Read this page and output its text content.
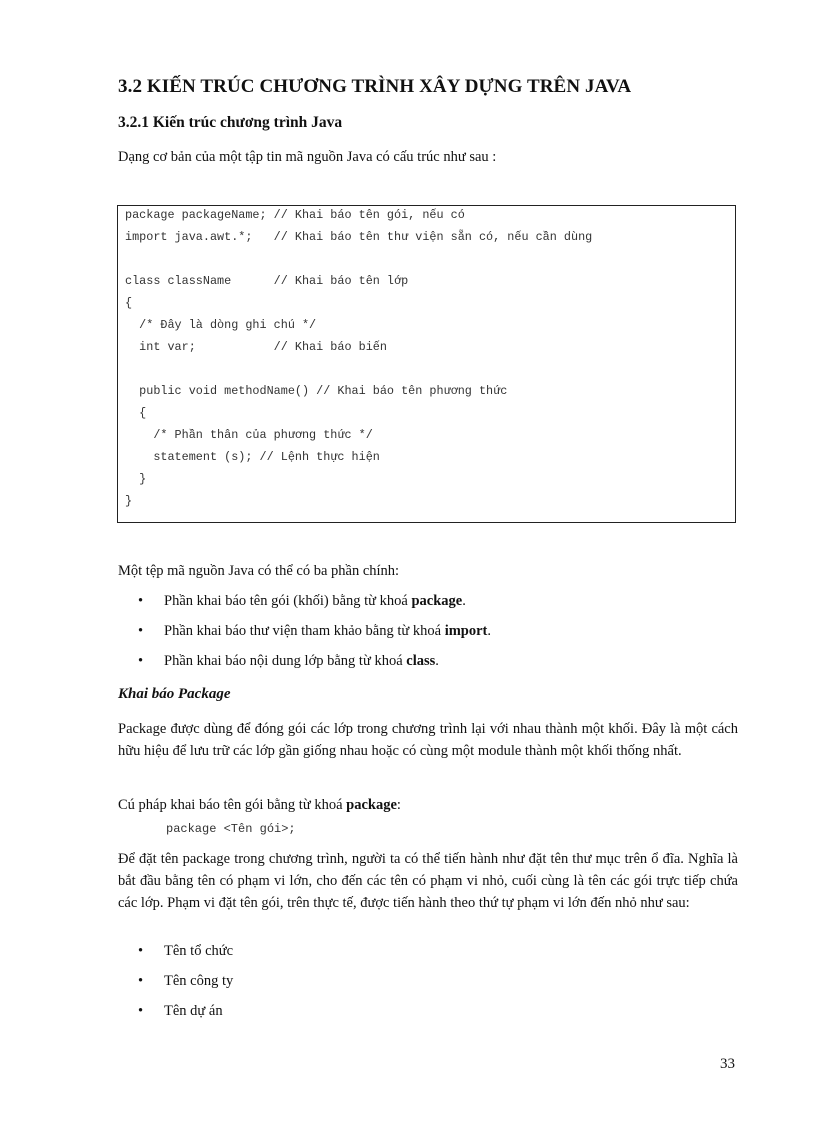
3.2 KIẾN TRÚC CHƯƠNG TRÌNH XÂY DỰNG TRÊN JAVA
3.2.1 Kiến trúc chương trình Java

Dạng cơ bản của một tập tin mã nguồn Java có cấu trúc như sau :

package packageName; // Khai báo tên gói, nếu có
import java.awt.*;   // Khai báo tên thư viện sẵn có, nếu cần dùng
class className      // Khai báo tên lớp
{
/* Đây là dòng ghi chú */
int var;           // Khai báo biến
public void methodName() // Khai báo tên phương thức
{
/* Phần thân của phương thức */
statement (s); // Lệnh thực hiện
}
}

Một tệp mã nguồn Java có thể có ba phần chính:

• Phần khai báo tên gói (khối) bằng từ khoá package.
• Phần khai báo thư viện tham khảo bằng từ khoá import.
• Phần khai báo nội dung lớp bằng từ khoá class.
Khai báo Package

Package được dùng để đóng gói các lớp trong chương trình lại với nhau thành một khối. Đây là một cách hữu hiệu để lưu trữ các lớp gần giống nhau hoặc có cùng một module thành một khối thống nhất.

Cú pháp khai báo tên gói bằng từ khoá package:

package <Tên gói>;

Để đặt tên package trong chương trình, người ta có thể tiến hành như đặt tên thư mục trên ổ đĩa. Nghĩa là bắt đầu bằng tên có phạm vi lớn, cho đến các tên có phạm vi nhỏ, cuối cùng là tên các gói trực tiếp chứa các lớp. Phạm vi đặt tên gói, trên thực tế, được tiến hành theo thứ tự phạm vi lớn đến nhỏ như sau:

• Tên tổ chức
• Tên công ty
• Tên dự án
33
